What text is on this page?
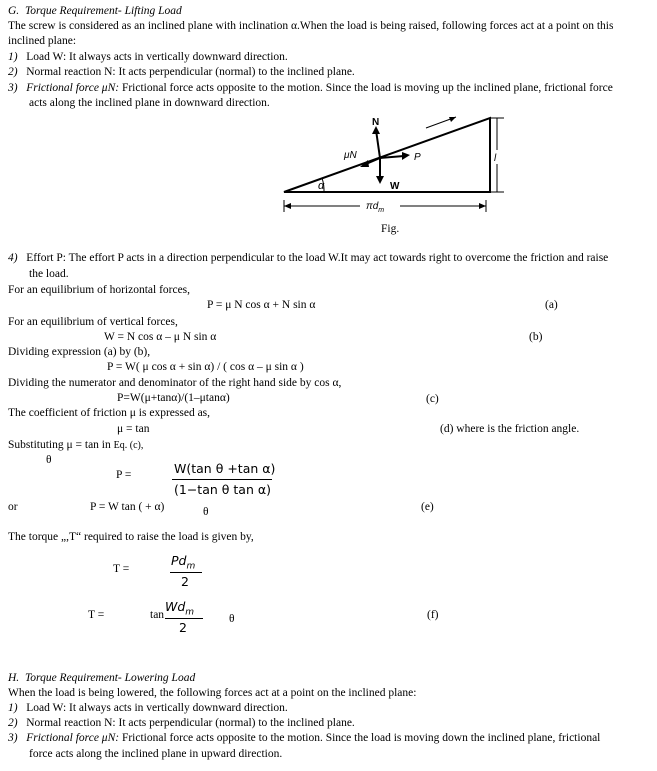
G. Torque Requirement- Lifting Load
The screw is considered as an inclined plane with inclination α.When the load is being raised, following forces act at a point on this
inclined plane:
1) Load W: It always acts in vertically downward direction.
2) Normal reaction N: It acts perpendicular (normal) to the inclined plane.
3) Frictional force μN: Frictional force acts opposite to the motion. Since the load is moving up the inclined plane, frictional force
acts along the inclined plane in downward direction.
l
α
N
μN	P
W
$\pi d_m$
Fig.
4) Effort P: The effort P acts in a direction perpendicular to the load W.It may act towards right to overcome the friction and raise
the load.
For an equilibrium of horizontal forces,
P = μ N cos α + N sin α	(a)
For an equilibrium of vertical forces,
W = N cos α – μ N sin α	(b)
Dividing expression (a) by (b),
P = W( μ cos α + sin α) / ( cos α – μ sin α )
Dividing the numerator and denominator of the right hand side by cos α,
P=W(μ+tanα)/(1–μtanα)	(c)
The coefficient of friction μ is expressed as,
μ = tan	(d) where is the friction angle.
Substituting μ = tan in Eq. (c),
θ
P =	W(tan θ +tan α)
(1−tan θ tan α)
or	P = W tan ( + α)	θ	(e)
The torque „,T“ required to raise the load is given by,
T =
$Pd_m$
2
T =	tan
$Wd_m$
2
θ	(f)
H. Torque Requirement- Lowering Load
When the load is being lowered, the following forces act at a point on the inclined plane:
1) Load W: It always acts in vertically downward direction.
2) Normal reaction N: It acts perpendicular (normal) to the inclined plane.
3) Frictional force μN: Frictional force acts opposite to the motion. Since the load is moving down the inclined plane, frictional
force acts along the inclined plane in upward direction.
